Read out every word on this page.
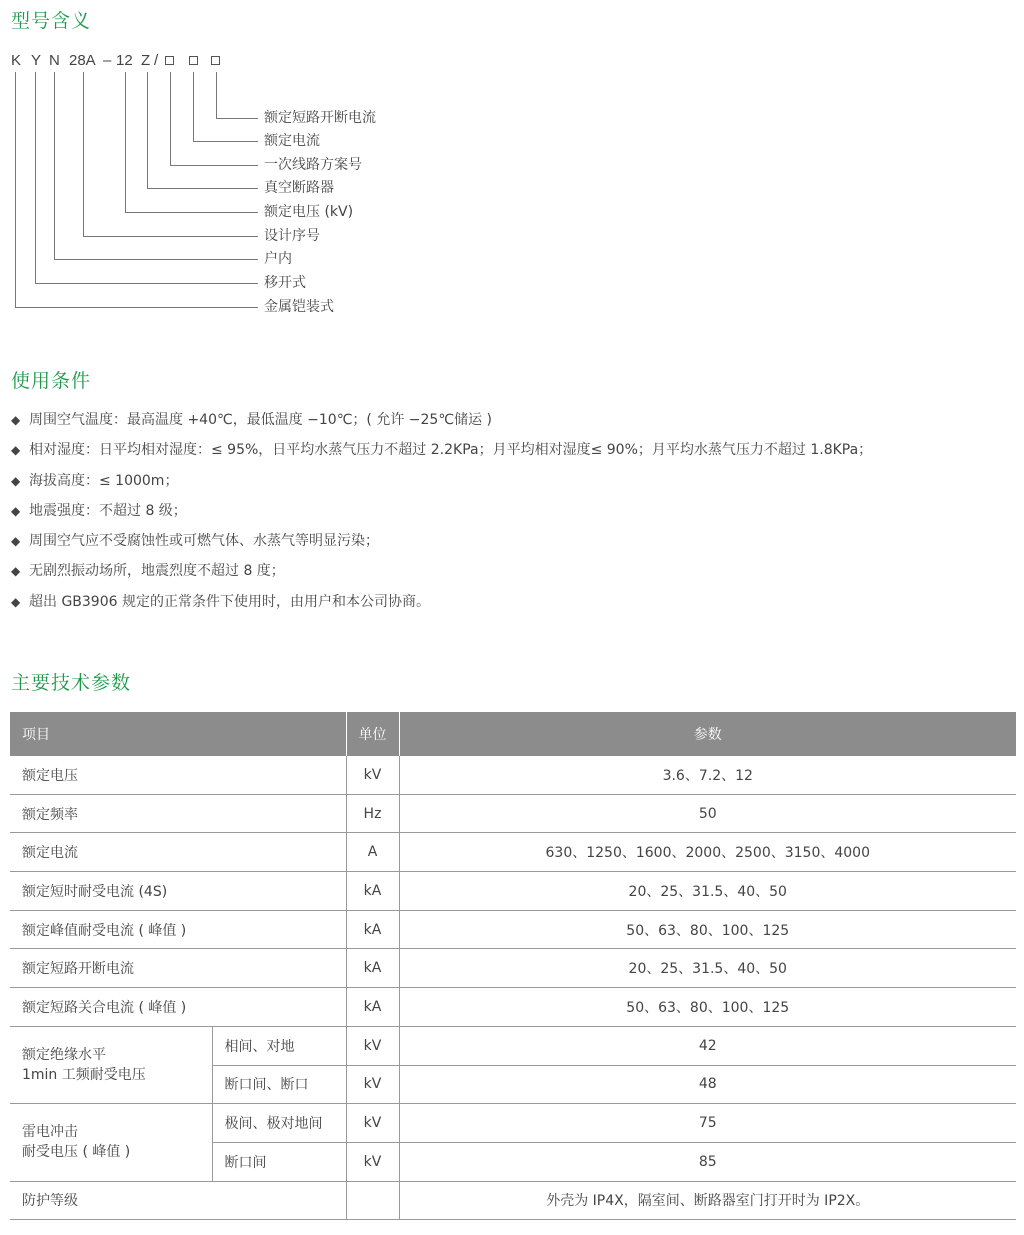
型号含义
K Y N 28A – 12 Z /
额定短路开断电流
额定电流
一次线路方案号
真空断路器
额定电压 (kV)
设计序号
户内
移开式
金属铠装式
使用条件
◆ 周围空气温度：最高温度 +40℃，最低温度 −10℃；( 允许 −25℃储运 )
◆ 相对湿度：日平均相对湿度：≤ 95%，日平均水蒸气压力不超过 2.2KPa；月平均相对湿度≤ 90%；月平均水蒸气压力不超过 1.8KPa；
◆ 海拔高度：≤ 1000m；
◆ 地震强度：不超过 8 级；
◆ 周围空气应不受腐蚀性或可燃气体、水蒸气等明显污染；
◆ 无剧烈振动场所，地震烈度不超过 8 度；
◆ 超出 GB3906 规定的正常条件下使用时，由用户和本公司协商。
主要技术参数
项目		单位	参数
额定电压		kV	3.6、7.2、12
额定频率		Hz	50
额定电流		A	630、1250、1600、2000、2500、3150、4000
额定短时耐受电流 (4S)		kA	20、25、31.5、40、50
额定峰值耐受电流 ( 峰值 )		kA	50、63、80、100、125
额定短路开断电流		kA	20、25、31.5、40、50
额定短路关合电流 ( 峰值 )		kA	50、63、80、100、125

额定绝缘水平
1min 工频耐受电压	相间、对地	kV	42
	断口间、断口	kV	48

雷电冲击
耐受电压 ( 峰值 )	极间、极对地间	kV	75
	断口间	kV	85
防护等级			外壳为 IP4X，隔室间、断路器室门打开时为 IP2X。
